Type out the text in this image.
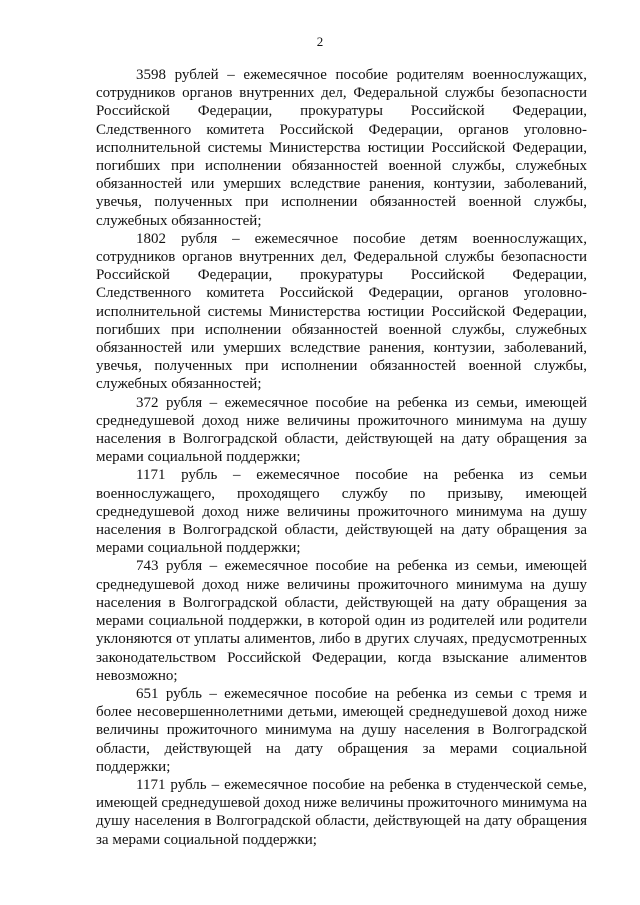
2

3598 рублей – ежемесячное пособие родителям военнослужащих, сотрудников органов внутренних дел, Федеральной службы безопасности Российской Федерации, прокуратуры Российской Федерации, Следственного комитета Российской Федерации, органов уголовно-исполнительной системы Министерства юстиции Российской Федерации, погибших при исполнении обязанностей военной службы, служебных обязанностей или умерших вследствие ранения, контузии, заболеваний, увечья, полученных при исполнении обязанностей военной службы, служебных обязанностей;

1802 рубля – ежемесячное пособие детям военнослужащих, сотрудников органов внутренних дел, Федеральной службы безопасности Российской Федерации, прокуратуры Российской Федерации, Следственного комитета Российской Федерации, органов уголовно-исполнительной системы Министерства юстиции Российской Федерации, погибших при исполнении обязанностей военной службы, служебных обязанностей или умерших вследствие ранения, контузии, заболеваний, увечья, полученных при исполнении обязанностей военной службы, служебных обязанностей;

372 рубля – ежемесячное пособие на ребенка из семьи, имеющей среднедушевой доход ниже величины прожиточного минимума на душу населения в Волгоградской области, действующей на дату обращения за мерами социальной поддержки;

1171 рубль – ежемесячное пособие на ребенка из семьи военнослужащего, проходящего службу по призыву, имеющей среднедушевой доход ниже величины прожиточного минимума на душу населения в Волгоградской области, действующей на дату обращения за мерами социальной поддержки;

743 рубля – ежемесячное пособие на ребенка из семьи, имеющей среднедушевой доход ниже величины прожиточного минимума на душу населения в Волгоградской области, действующей на дату обращения за мерами социальной поддержки, в которой один из родителей или родители уклоняются от уплаты алиментов, либо в других случаях, предусмотренных законодательством Российской Федерации, когда взыскание алиментов невозможно;

651 рубль – ежемесячное пособие на ребенка из семьи с тремя и более несовершеннолетними детьми, имеющей среднедушевой доход ниже величины прожиточного минимума на душу населения в Волгоградской области, действующей на дату обращения за мерами социальной поддержки;

1171 рубль – ежемесячное пособие на ребенка в студенческой семье, имеющей среднедушевой доход ниже величины прожиточного минимума на душу населения в Волгоградской области, действующей на дату обращения за мерами социальной поддержки;
